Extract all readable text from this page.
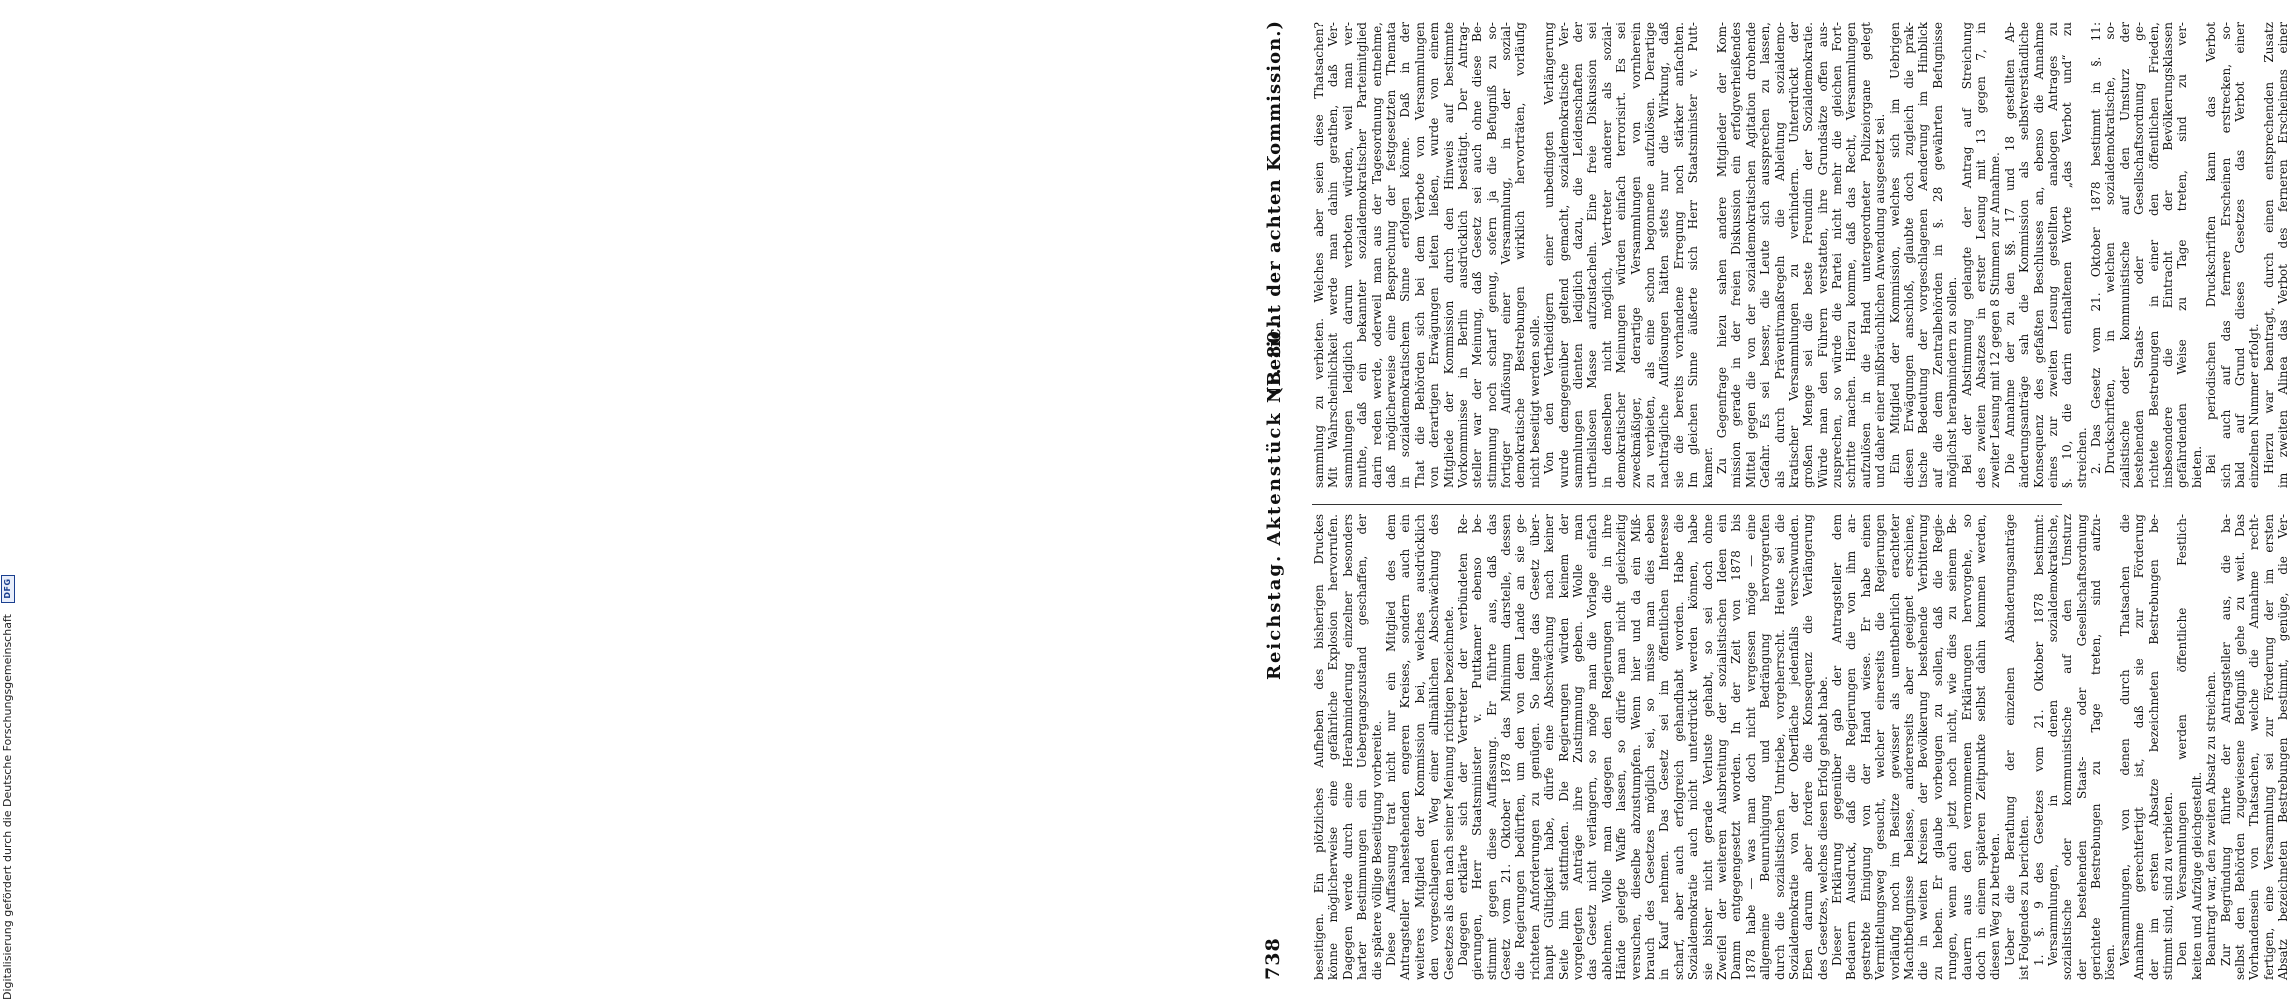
738
Reichstag. Aktenstück Nr. 80.
(Bericht der achten Kommission.)
beseitigen. Ein plötzliches Aufheben des bisherigen Druckes könne möglicherweise eine gefährliche Explosion hervorrufen. Dagegen werde durch eine Herabminderung einzelner besonders harter Bestimmungen ein Uebergangszustand geschaffen, der die spätere völlige Beseitigung vorbereite. Diese Auffassung trat nicht nur ein Mitglied des dem Antragsteller nahestehenden engeren Kreises, sondern auch ein weiteres Mitglied der Kommission bei, welches ausdrücklich den vorgeschlagenen Weg einer allmählichen Abschwächung des Gesetzes als den nach seiner Meinung richtigen bezeichnete. Dagegen erklärte sich der Vertreter der verbündeten Re- gierungen, Herr Staatsminister v. Puttkamer ebenso be- stimmt gegen diese Auffassung. Er führte aus, daß das Gesetz vom 21. Oktober 1878 das Minimum darstelle, dessen die Regierungen bedürften, um den von dem Lande an sie ge- richteten Anforderungen zu genügen. So lange das Gesetz über- haupt Gültigkeit habe, dürfe eine Abschwächung nach keiner Seite hin stattfinden. Die Regierungen würden keinem der vorgelegten Anträge ihre Zustimmung geben. Wolle man das Gesetz nicht verlängern, so möge man die Vorlage einfach ablehnen. Wolle man dagegen den Regierungen die in ihre Hände gelegte Waffe lassen, so dürfe man nicht gleichzeitig versuchen, dieselbe abzustumpfen. Wenn hier und da ein Miß- brauch des Gesetzes möglich sei, so müsse man dies eben in Kauf nehmen. Das Gesetz sei im öffentlichen Interesse scharf, aber auch erfolgreich gehandhabt worden. Habe die Sozialdemokratie auch nicht unterdrückt werden können, habe sie bisher nicht gerade Verluste gehabt, so sei doch ohne Zweifel der weiteren Ausbreitung der sozialistischen Ideen ein Damm entgegengesetzt worden. In der Zeit von 1878 bis 1878 habe — was man doch nicht vergessen möge — eine allgemeine Beunruhigung und Bedrängung hervorgerufen durch die sozialistischen Umtriebe, vorgeherrscht. Heute sei die Sozialdemokratie von der Oberfläche jedenfalls verschwunden. Eben darum aber fordere die Konsequenz die Verlängerung des Gesetzes, welches diesen Erfolg gehabt habe. Dieser Erklärung gegenüber gab der Antragsteller dem Bedauern Ausdruck, daß die Regierungen die von ihm an- gestrebte Einigung von der Hand wiese. Er habe einen Vermittelungsweg gesucht, welcher einerseits die Regierungen vorläufig noch im Besitze gewisser als unentbehrlich erachteter Machtbefugnisse belasse, andererseits aber geeignet erschiene, die in weiten Kreisen der Bevölkerung bestehende Verbitterung zu heben. Er glaube vorbeugen zu sollen, daß die Regie- rungen, wenn auch jetzt noch nicht, wie dies zu seinem Be- dauern aus den vernommenen Erklärungen hervorgehe, so doch in einem späteren Zeitpunkte selbst dahin kommen werden, diesen Weg zu betreten. Ueber die Berathung der einzelnen Abänderungsanträge ist Folgendes zu berichten. 1. §. 9 des Gesetzes vom 21. Oktober 1878 bestimmt: Versammlungen, in denen sozialdemokratische, sozialistische oder kommunistische auf den Umsturz der bestehenden Staats- oder Gesellschaftsordnung gerichtete Bestrebungen zu Tage treten, sind aufzu- lösen. Versammlungen, von denen durch Thatsachen die Annahme gerechtfertigt ist, daß sie zur Förderung der im ersten Absatze bezeichneten Bestrebungen be- stimmt sind, sind zu verbieten. Den Versammlungen werden öffentliche Festlich- keiten und Aufzüge gleichgestellt. Beantragt war, den zweiten Absatz zu streichen. Zur Begründung führte der Antragsteller aus, die ba- selbst den Behörden zugewiesene Befugniß gehe zu weit. Das Vorhandensein von Thatsachen, welche die Annahme recht- fertigen, eine Versammlung sei zur Förderung der im ersten Absatz bezeichneten Bestrebungen bestimmt, genüge, die Ver-
sammlung zu verbieten. Welches aber seien diese Thatsachen? Mit Wahrscheinlichkeit werde man dahin gerathen, daß Ver- sammlungen lediglich darum verboten würden, weil man ver- muthe, daß ein bekannter sozialdemokratischer Parteimitglied darin reden werde, oderweil man aus der Tagesordnung entnehme, daß möglicherweise eine Besprechung der festgesetzten Themata in sozialdemokratischem Sinne erfolgen könne. Daß in der That die Behörden sich bei dem Verbote von Versammlungen von derartigen Erwägungen leiten ließen, wurde von einem Mitgliede der Kommission durch den Hinweis auf bestimmte Vorkommnisse in Berlin ausdrücklich bestätigt. Der Antrag- steller war der Meinung, daß Gesetz sei auch ohne diese Be- stimmung noch scharf genug, sofern ja die Befugniß zu so- fortiger Auflösung einer Versammlung, in der sozial- demokratische Bestrebungen wirklich hervorträten, vorläufig nicht beseitigt werden solle. Von den Vertheidigern einer unbedingten Verlängerung wurde demgegenüber geltend gemacht, sozialdemokratische Ver- sammlungen dienten lediglich dazu, die Leidenschaften der urtheilslosen Masse aufzustacheln. Eine freie Diskussion sei in denselben nicht möglich, Vertreter anderer als sozial- demokratischer Meinungen würden einfach terrorisirt. Es sei zweckmäßiger, derartige Versammlungen von vornherein zu verbieten, als eine schon begonnene aufzulösen. Derartige nachträgliche Auflösungen hätten stets nur die Wirkung, daß sie die bereits vorhandene Erregung noch stärker anfachten. Im gleichen Sinne äußerte sich Herr Staatsminister v. Putt- kamer. Zu Gegenfrage hiezu sahen andere Mitglieder der Kom- mission gerade in der freien Diskussion ein erfolgverheißendes Mittel gegen die von der sozialdemokratischen Agitation drohende Gefahr. Es sei besser, die Leute sich aussprechen zu lassen, als durch Präventivmaßregeln die Ableitung sozialdemo- kratischer Versammlungen zu verhindern. Unterdrückt der großen Menge sei die beste Freundin der Sozialdemokratie. Würde man den Führern verstatten, ihre Grundsätze offen aus- zusprechen, so würde die Partei nicht mehr die gleichen Fort- schritte machen. Hierzu komme, daß das Recht, Versammlungen aufzulösen in die Hand untergeordneter Polizeiorgane gelegt und daher einer mißbräuchlichen Anwendung ausgesetzt sei. Ein Mitglied der Kommission, welches sich im Uebrigen diesen Erwägungen anschloß, glaubte doch zugleich die prak- tische Bedeutung der vorgeschlagenen Aenderung im Hinblick auf die dem Zentralbehörden in §. 28 gewährten Befugnisse möglichst herabmindern zu sollen. Bei der Abstimmung gelangte der Antrag auf Streichung des zweiten Absatzes in erster Lesung mit 13 gegen 7, in zweiter Lesung mit 12 gegen 8 Stimmen zur Annahme. Die Annahme der zu den §§. 17 und 18 gestellten Ab- änderungsanträge sah die Kommission als selbstverständliche Konsequenz des gefaßten Beschlusses an, ebenso die Annahme eines zur zweiten Lesung gestellten analogen Antrages zu §. 10, die darin enthaltenen Worte „das Verbot und“ zu streichen. 2. Das Gesetz vom 21. Oktober 1878 bestimmt in §. 11: Druckschriften, in welchen sozialdemokratische, so- zialistische oder kommunistische auf den Umsturz der bestehenden Staats- oder Gesellschaftsordnung ge- richtete Bestrebungen in einer den öffentlichen Frieden, insbesondere die Eintracht der Bevölkerungsklassen gefährdenden Weise zu Tage treten, sind zu ver- bieten. Bei periodischen Druckschriften kann das Verbot sich auch auf das fernere Erscheinen erstrecken, so- bald auf Grund dieses Gesetzes das Verbot einer einzelnen Nummer erfolgt. Hierzu war beantragt, durch einen entsprechenden Zusatz im zweiten Alinea das Verbot des ferneren Erscheinens einer
Digitalisierung gefördert durch die Deutsche Forschungsgemeinschaft DFG
